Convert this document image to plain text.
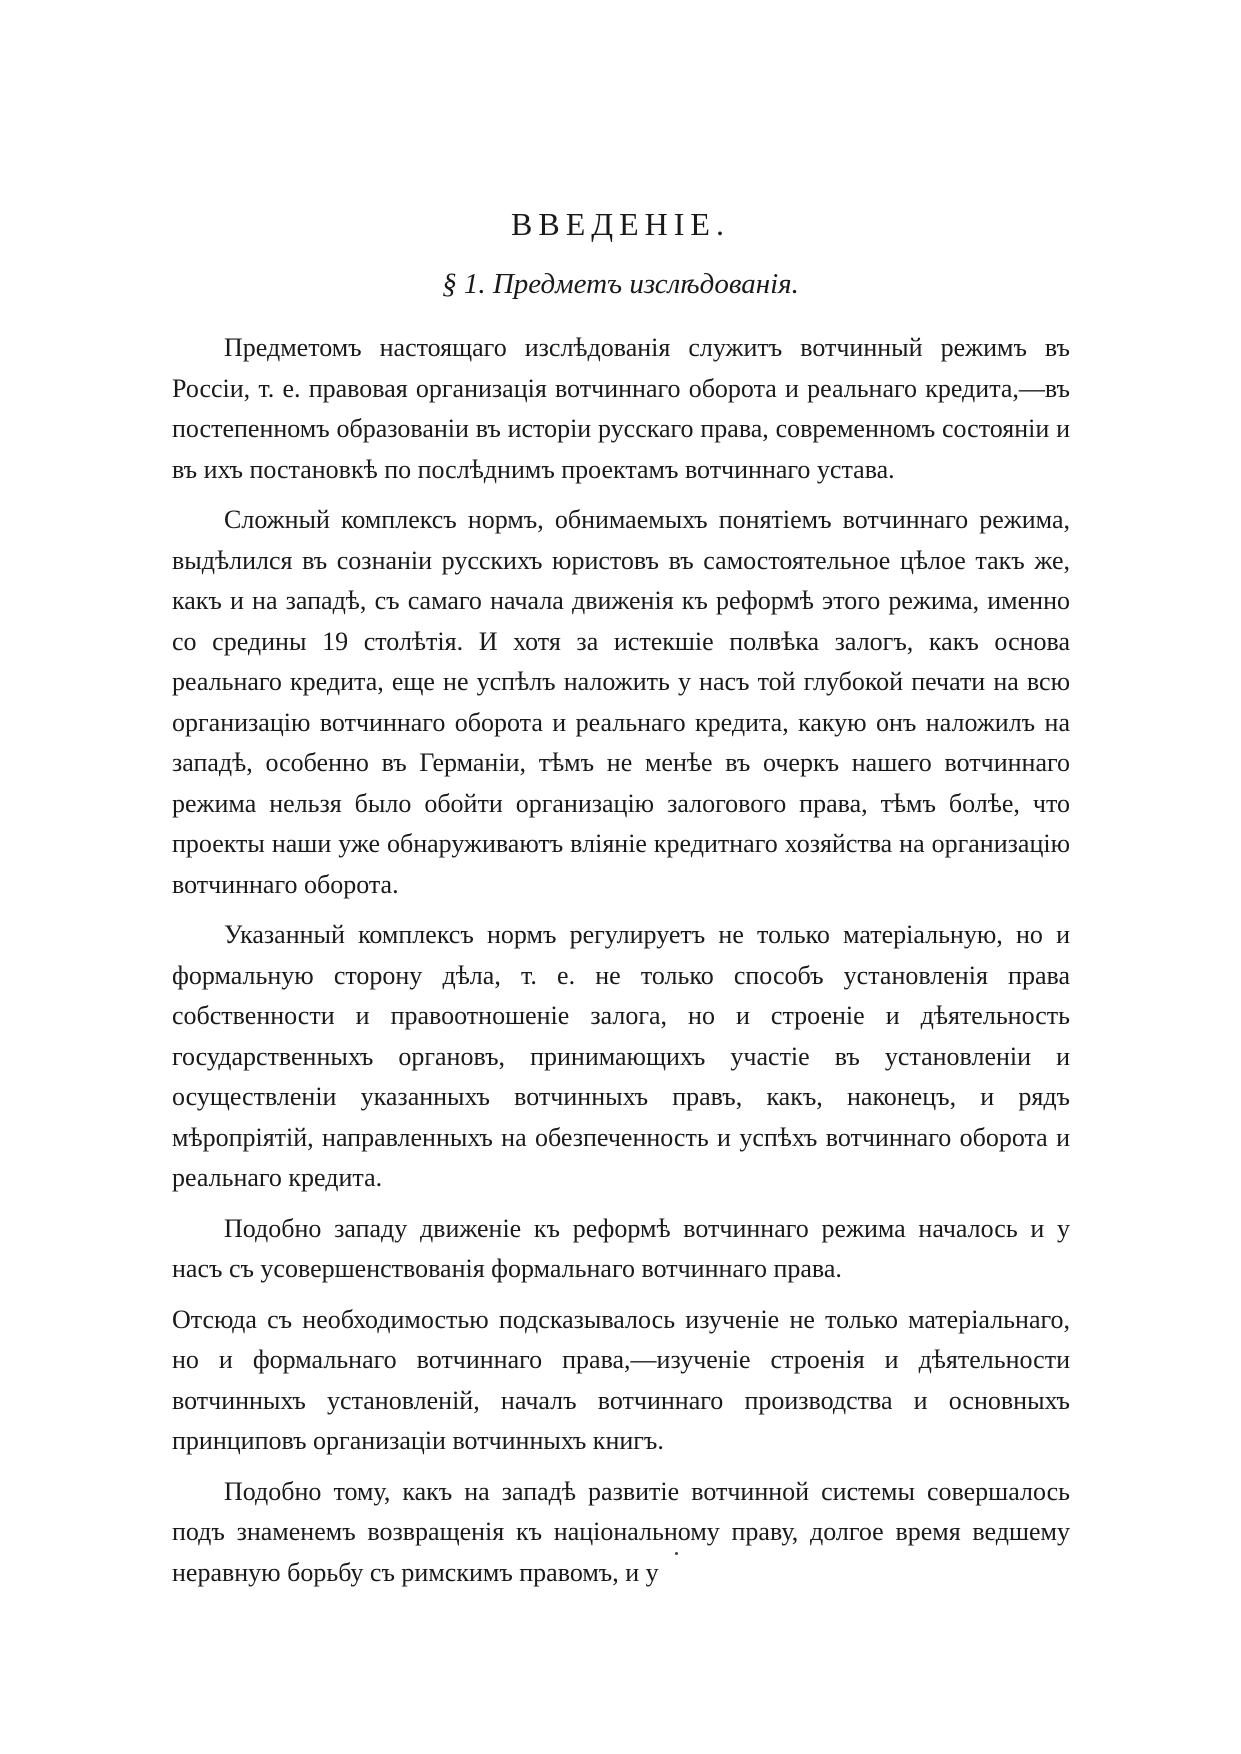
ВВЕДЕНІЕ.
§ 1. Предметъ изслѣдованія.

Предметомъ настоящаго изслѣдованія служитъ вотчинный режимъ въ Россіи, т. е. правовая организація вотчиннаго оборота и реальнаго кредита,—въ постепенномъ образованіи въ исторіи русскаго права, современномъ состояніи и въ ихъ постановкѣ по послѣднимъ проектамъ вотчиннаго устава.

Сложный комплексъ нормъ, обнимаемыхъ понятіемъ вотчиннаго режима, выдѣлился въ сознаніи русскихъ юристовъ въ самостоятельное цѣлое такъ же, какъ и на западѣ, съ самаго начала движенія къ реформѣ этого режима, именно со средины 19 столѣтія. И хотя за истекшіе полвѣка залогъ, какъ основа реальнаго кредита, еще не успѣлъ наложить у насъ той глубокой печати на всю организацію вотчиннаго оборота и реальнаго кредита, какую онъ наложилъ на западѣ, особенно въ Германіи, тѣмъ не менѣе въ очеркъ нашего вотчиннаго режима нельзя было обойти организацію залогового права, тѣмъ болѣе, что проекты наши уже обнаруживаютъ вліяніе кредитнаго хозяйства на организацію вотчиннаго оборота.

Указанный комплексъ нормъ регулируетъ не только матеріальную, но и формальную сторону дѣла, т. е. не только способъ установленія права собственности и правоотношеніе залога, но и строеніе и дѣятельность государственныхъ органовъ, принимающихъ участіе въ установленіи и осуществленіи указанныхъ вотчинныхъ правъ, какъ, наконецъ, и рядъ мѣропріятій, направленныхъ на обезпеченность и успѣхъ вотчиннаго оборота и реальнаго кредита.

Подобно западу движеніе къ реформѣ вотчиннаго режима началось и у насъ съ усовершенствованія формальнаго вотчиннаго права.

Отсюда съ необходимостью подсказывалось изученіе не только матеріальнаго, но и формальнаго вотчиннаго права,—изученіе строенія и дѣятельности вотчинныхъ установленій, началъ вотчиннаго производства и основныхъ принциповъ организаціи вотчинныхъ книгъ.

Подобно тому, какъ на западѣ развитіе вотчинной системы совершалось подъ знаменемъ возвращенія къ національному праву, долгое время ведшему неравную борьбу съ римскимъ правомъ, и у
